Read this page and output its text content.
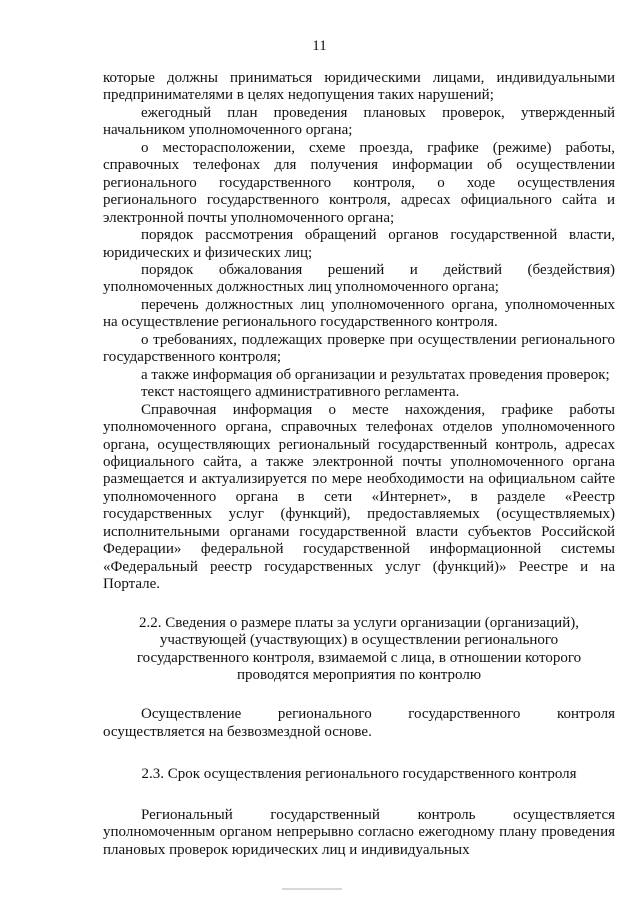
11

которые должны приниматься юридическими лицами, индивидуальными предпринимателями в целях недопущения таких нарушений;

ежегодный план проведения плановых проверок, утвержденный начальником уполномоченного органа;

о месторасположении, схеме проезда, графике (режиме) работы, справочных телефонах для получения информации об осуществлении регионального государственного контроля, о ходе осуществления регионального государственного контроля, адресах официального сайта и электронной почты уполномоченного органа;

порядок рассмотрения обращений органов государственной власти, юридических и физических лиц;

порядок обжалования решений и действий (бездействия) уполномоченных должностных лиц уполномоченного органа;

перечень должностных лиц уполномоченного органа, уполномоченных на осуществление регионального государственного контроля.

о требованиях, подлежащих проверке при осуществлении регионального государственного контроля;

а также информация об организации и результатах проведения проверок;

текст настоящего административного регламента.

Справочная информация о месте нахождения, графике работы уполномоченного органа, справочных телефонах отделов уполномоченного органа, осуществляющих региональный государственный контроль, адресах официального сайта, а также электронной почты уполномоченного органа размещается и актуализируется по мере необходимости на официальном сайте уполномоченного органа в сети «Интернет», в разделе «Реестр государственных услуг (функций), предоставляемых (осуществляемых) исполнительными органами государственной власти субъектов Российской Федерации» федеральной государственной информационной системы «Федеральный реестр государственных услуг (функций)» Реестре и на Портале.

2.2. Сведения о размере платы за услуги организации (организаций), участвующей (участвующих) в осуществлении регионального государственного контроля, взимаемой с лица, в отношении которого проводятся мероприятия по контролю

Осуществление регионального государственного контроля осуществляется на безвозмездной основе.

2.3. Срок осуществления регионального государственного контроля

Региональный государственный контроль осуществляется уполномоченным органом непрерывно согласно ежегодному плану проведения плановых проверок юридических лиц и индивидуальных
